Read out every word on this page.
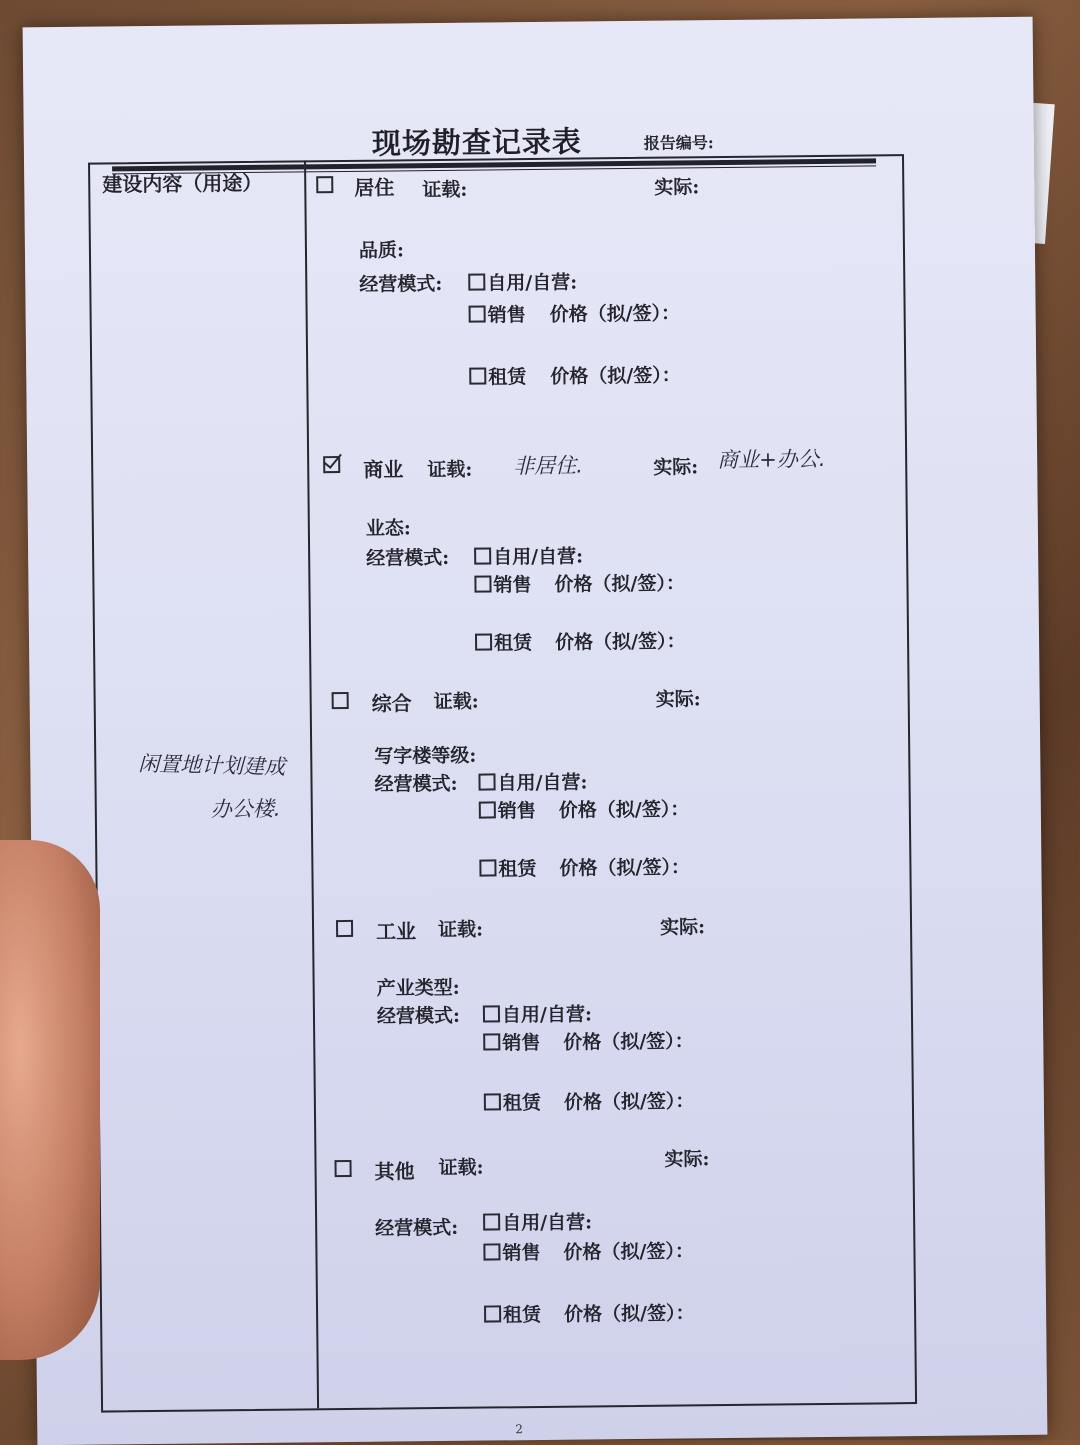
现场勘查记录表	报告编号:
建设内容（用途）
闲置地计划建成
办公楼.
居住 证载:	实际:
品质:
经营模式:	自用/自营:
销售 价格（拟/签）：
租赁 价格（拟/签）：
商业 证载: 非居住.	实际: 商业+办公.
业态:
经营模式:	自用/自营:
销售 价格（拟/签）：
租赁 价格（拟/签）：
综合 证载:	实际:
写字楼等级:
经营模式:	自用/自营:
销售 价格（拟/签）：
租赁 价格（拟/签）：
工业 证载:	实际:
产业类型:
经营模式:	自用/自营:
销售 价格（拟/签）：
租赁 价格（拟/签）：
其他 证载:	实际:
经营模式:	自用/自营:
销售 价格（拟/签）：
租赁 价格（拟/签）：
2
